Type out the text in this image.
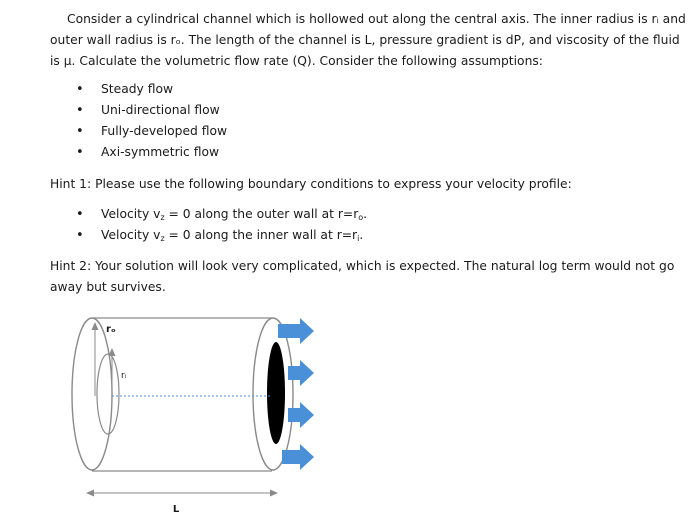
Consider a cylindrical channel which is hollowed out along the central axis. The inner radius is rᵢ and outer wall radius is rₒ. The length of the channel is L, pressure gradient is dP, and viscosity of the fluid is μ. Calculate the volumetric flow rate (Q). Consider the following assumptions:

• Steady flow
• Uni-directional flow
• Fully-developed flow
• Axi-symmetric flow

Hint 1: Please use the following boundary conditions to express your velocity profile:

• Velocity $v_z = 0$ along the outer wall at $r=r_o$.
• Velocity $v_z = 0$ along the inner wall at $r=r_i$.

Hint 2: Your solution will look very complicated, which is expected. The natural log term would not go away but survives.

rₒ
rᵢ
L
